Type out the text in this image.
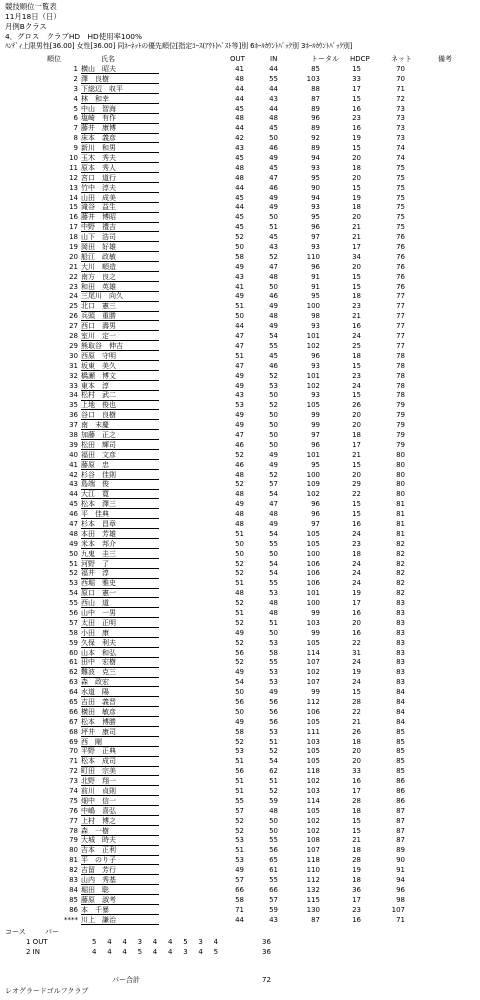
競技順位一覧表
11月18日（日）
月例Bクラス
4．グロス　クラブHD　HD使用率100%
ﾊﾝﾃﾞｨ上限男性[36.00] 女性[36.00] 同ﾈｰﾈｯﾄの優先順位[指定ｺｰｽ(ｱｳﾄ)ﾍﾞｽﾄ等]別 6ﾎｰﾙｶｳﾝﾄﾊﾞｯｸ別 3ﾎｰﾙｶｳﾝﾄﾊﾞｯｸ別]
順位	氏名	OUT	IN	トータル HDCP	ネット	備考
1 横山　昭夫	41	44	85	15	70
2 澤　良樹	48	55	103	33	70
3 下総辺　収平	44	44	88	17	71
4 林　和幸	44	43	87	15	72
5 中山　智海	45	44	89	16	73
6 塩崎　有作	48	48	96	23	73
7 藤井　康博	44	45	89	16	73
8 床本　義彦	42	50	92	19	73
9 新川　和男	43	46	89	15	74
10 玉木　秀夫	45	49	94	20	74
11 原本　秀人	48	45	93	18	75
12 宮口　道行	48	47	95	20	75
13 竹中　淳夫	44	46	90	15	75
14 山田　成美	45	49	94	19	75
15 滝谷　益生	44	49	93	18	75
16 藤井　博昭	45	50	95	20	75
17 中野　禮吉	45	51	96	21	75
18 山下　浩司	52	45	97	21	76
19 岡田　好雄	50	43	93	17	76
20 船江　政敏	58	52	110	34	76
21 大川　順造	49	47	96	20	76
22 南方　良之	43	48	91	15	76
23 和田　英雄	41	50	91	15	76
24 三尾川　向久	49	46	95	18	77
25 北口　憲三	51	49	100	23	77
26 兵頭　重勝	50	48	98	21	77
27 西口　壽男	44	49	93	16	77
28 室川　定一	47	54	101	24	77
29 熊取谷　伸吉	47	55	102	25	77
30 西原　守明	51	45	96	18	78
31 坂東　美久	47	46	93	15	78
32 橋瀬　博文	49	52	101	23	78
33 東本　淳	49	53	102	24	78
34 松村　武二	43	50	93	15	78
35 上地　俊也	53	52	105	26	79
36 谷口　良樹	49	50	99	20	79
37 南　末慶	49	50	99	20	79
38 加藤　正之	47	50	97	18	79
39 松田　輝司	46	50	96	17	79
40 福田　文彦	52	49	101	21	80
41 藤原　忠	46	49	95	15	80
42 杉谷　佳則	48	52	100	20	80
43 島端　俊	52	57	109	29	80
44 大江　寛	48	54	102	22	80
45 松本　澤三	49	47	96	15	81
46 平　佳典	48	48	96	15	81
47 杉本　昌章	48	49	97	16	81
48 本田　芳雄	51	54	105	24	81
49 米本　邦介	50	55	105	23	82
50 九鬼　圭三	50	50	100	18	82
51 河野　了	52	54	106	24	82
52 福井　淳	52	54	106	24	82
53 西堀　雅史	51	55	106	24	82
54 原口　憲一	48	53	101	19	82
55 西山　道	52	48	100	17	83
56 山中　一男	51	48	99	16	83
57 太田　正明	52	51	103	20	83
58 小田　康	49	50	99	16	83
59 久保　利夫	52	53	105	22	83
60 山本　和弘	56	58	114	31	83
61 田中　宏樹	52	55	107	24	83
62 難波　克三	49	53	102	19	83
63 森　政宏	54	53	107	24	83
64 水道　陽	50	49	99	15	84
65 吉田　義晋	56	56	112	28	84
66 横田　敏彦	50	56	106	22	84
67 松本　博勝	49	56	105	21	84
68 坪井　康司	58	53	111	26	85
69 西　剛	52	51	103	18	85
70 平野　正典	53	52	105	20	85
71 松本　成司	51	54	105	20	85
72 町田　宗美	56	62	118	33	85
73 北野　翔一	51	51	102	16	86
74 前川　貞則	51	52	103	17	86
75 畑中　信一	55	59	114	28	86
76 中嶋　喜弘	57	48	105	18	87
77 上村　博之	52	50	102	15	87
78 森　一樹	52	50	102	15	87
79 大城　時夫	53	55	108	21	87
80 吉本　正利	51	56	107	18	89
81 平　のり子	53	65	118	28	90
82 吉留　芳行	49	61	110	19	91
83 山内　秀基	57	55	112	18	94
84 堀田　聡	66	66	132	36	96
85 藤原　淑考	58	57	115	17	98
86 本　千暴	71	59	130	23	107
**** 川上　謙治	44	43	87	16	71
コース	パー
1 OUT	5 4 4 3 4 4 5 3 4	36
2 IN	4 4 4 5 4 4 3 4 5	36
パー合計	72
レオグラードゴルフクラブ
